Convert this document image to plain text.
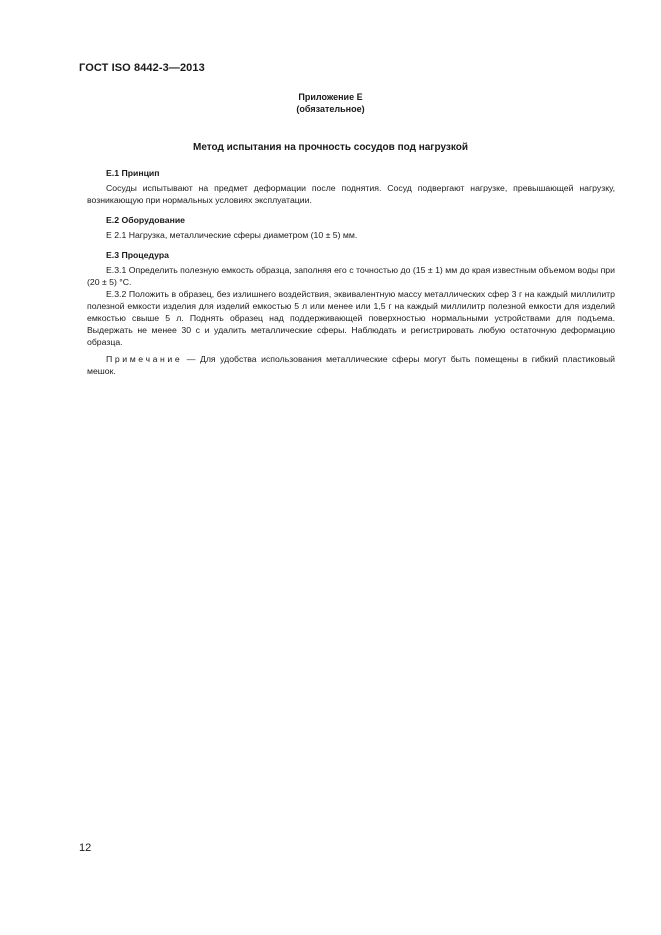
ГОСТ ISO 8442-3—2013
Приложение Е
(обязательное)
Метод испытания на прочность сосудов под нагрузкой
Е.1 Принцип

Сосуды испытывают на предмет деформации после поднятия. Сосуд подвергают нагрузке, превышающей нагрузку, возникающую при нормальных условиях эксплуатации.

Е.2 Оборудование

Е 2.1 Нагрузка, металлические сферы диаметром (10 ± 5) мм.

Е.3 Процедура

Е.3.1 Определить полезную емкость образца, заполняя его с точностью до (15 ± 1) мм до края известным объемом воды при (20 ± 5) °С.

Е.3.2 Положить в образец, без излишнего воздействия, эквивалентную массу металлических сфер 3 г на каждый миллилитр полезной емкости изделия для изделий емкостью 5 л или менее или 1,5 г на каждый миллилитр полезной емкости для изделий емкостью свыше 5 л. Поднять образец над поддерживающей поверхностью нормальными устройствами для подъема. Выдержать не менее 30 с и удалить металлические сферы. Наблюдать и регистрировать любую остаточную деформацию образца.

Примечание — Для удобства использования металлические сферы могут быть помещены в гибкий пластиковый мешок.

12
